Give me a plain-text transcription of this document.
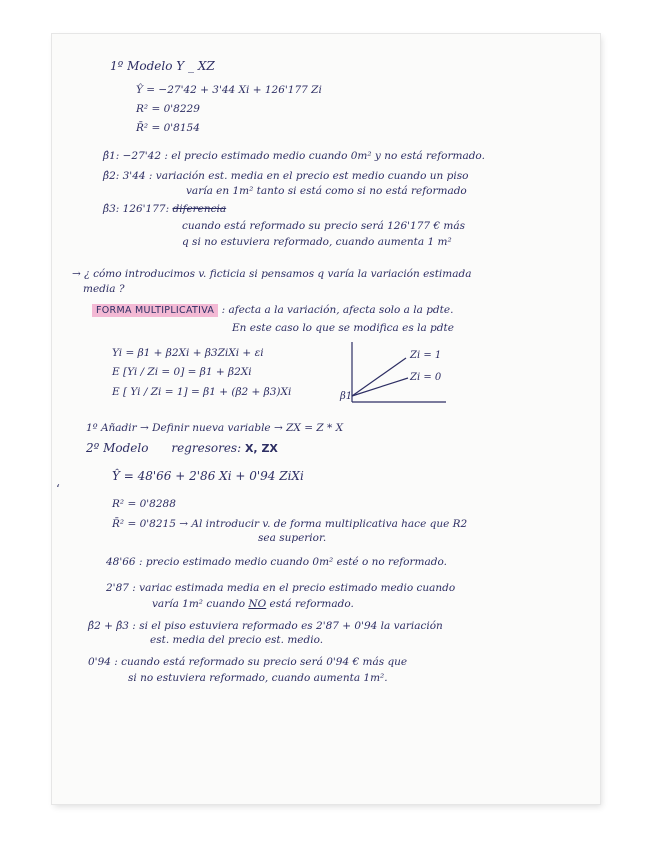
1º Modelo Y _ XZ
Ŷ = −27'42 + 3'44 Xi + 126'177 Zi
R² = 0'8229
R̄² = 0'8154
β̂1: −27'42 : el precio estimado medio cuando 0m² y no está reformado.
β̂2: 3'44 : variación est. media en el precio est medio cuando un piso
varía en 1m² tanto si está como si no está reformado
β̂3: 126'177: diferencia
cuando está reformado su precio será 126'177 € más
q si no estuviera reformado, cuando aumenta 1 m²
→ ¿ cómo introducimos v. ficticia si pensamos q varía la variación estimada
media ?
FORMA MULTIPLICATIVA : afecta a la variación, afecta solo a la pdte.
En este caso lo que se modifica es la pdte
Yi = β1 + β2Xi + β3ZiXi + εi
E [Yi / Zi = 0] = β1 + β2Xi
E [ Yi / Zi = 1] = β1 + (β2 + β3)Xi
Zi = 1
Zi = 0
β1
1º Añadir → Definir nueva variable → ZX = Z * X
2º Modelo regresores: X, ZX
Ŷ = 48'66 + 2'86 Xi + 0'94 ZiXi
‘
R² = 0'8288
R̄² = 0'8215 → Al introducir v. de forma multiplicativa hace que R2
sea superior.
48'66 : precio estimado medio cuando 0m² esté o no reformado.
2'87 : variac estimada media en el precio estimado medio cuando
varía 1m² cuando NO está reformado.
β̂2 + β̂3 : si el piso estuviera reformado es 2'87 + 0'94 la variación
est. media del precio est. medio.
0'94 : cuando está reformado su precio será 0'94 € más que
si no estuviera reformado, cuando aumenta 1m².
